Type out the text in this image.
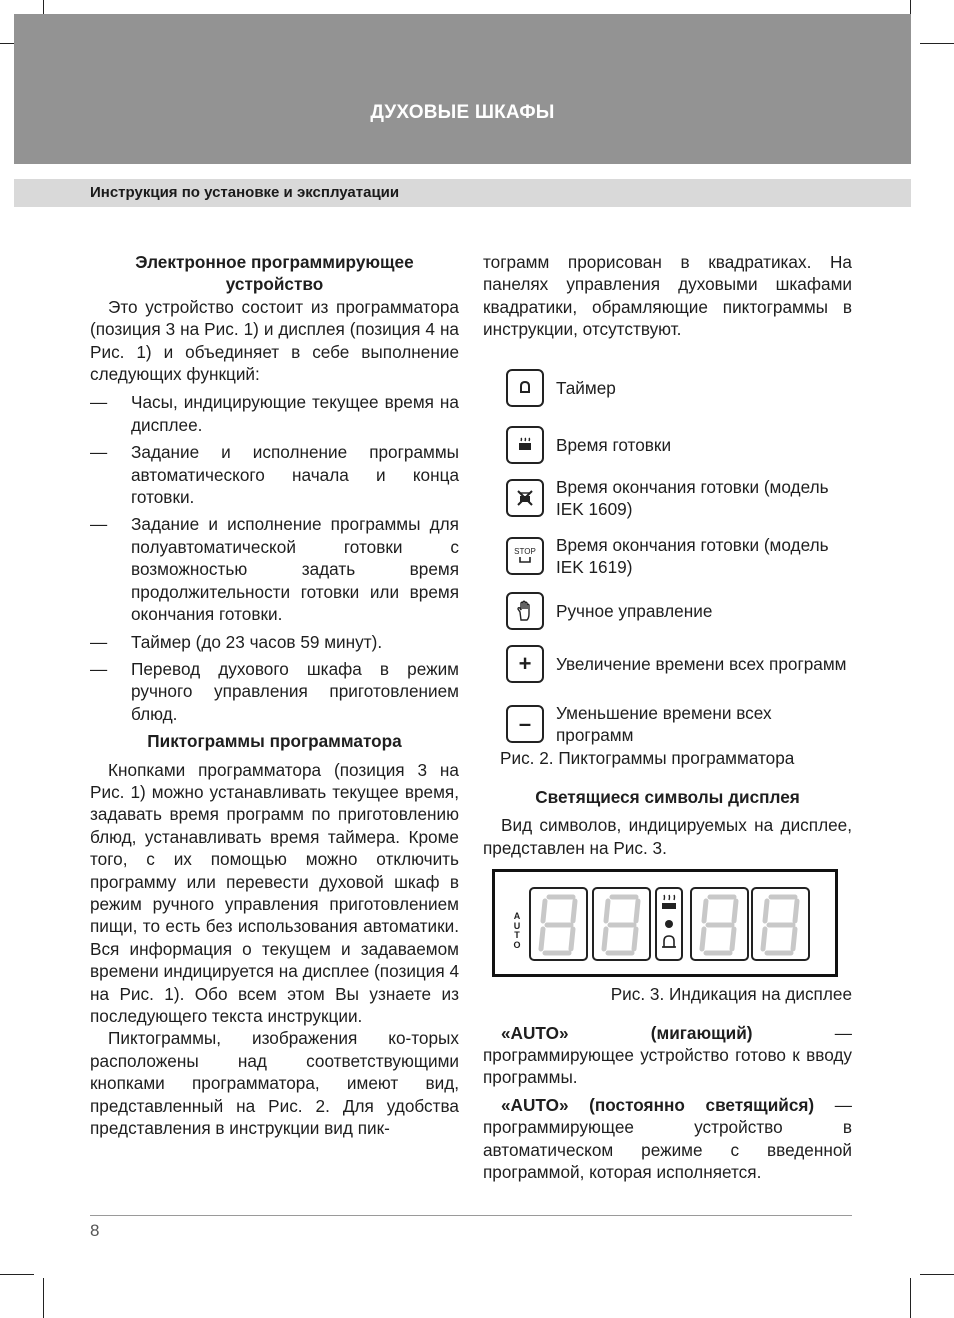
ДУХОВЫЕ ШКАФЫ
Инструкция по установке и эксплуатации

Электронное программирующее устройство

Это устройство состоит из программатора (позиция 3 на Рис. 1) и дисплея (позиция 4 на Рис. 1) и объединяет в себе выполнение следующих функций:

— Часы, индицирующие текущее время на дисплее.
— Задание и исполнение программы автоматического начала и конца готовки.
— Задание и исполнение программы для полуавтоматической готовки с возможностью задать время продолжительности готовки или время окончания готовки.
— Таймер (до 23 часов 59 минут).
— Перевод духового шкафа в режим ручного управления приготовлением блюд.

Пиктограммы программатора

Кнопками программатора (позиция 3 на Рис. 1) можно устанавливать текущее время, задавать время программ по приготовлению блюд, устанавливать время таймера. Кроме того, с их помощью можно отключить программу или перевести духовой шкаф в режим ручного управления приготовлением пищи, то есть без использования автоматики. Вся информация о текущем и задаваемом времени индицируется на дисплее (позиция 4 на Рис. 1). Обо всем этом Вы узнаете из последующего текста инструкции.

Пиктограммы, изображения ко-торых расположены над соответствующими кнопками программатора, имеют вид, представленный на Рис. 2. Для удобства представления в инструкции вид пик-

тограмм прорисован в квадратиках. На панелях управления духовыми шкафами квадратики, обрамляющие пиктограммы в инструкции, отсутствуют.

Таймер
Время готовки
Время окончания готовки (модель IEK 1609)
STOP Время окончания готовки (модель IEK 1619)
Ручное управление
+ Увеличение времени всех программ
– Уменьшение времени всех программ

Рис. 2. Пиктограммы программатора

Светящиеся символы дисплея

Вид символов, индицируемых на дисплее, представлен на Рис. 3.

A
U
T
O

Рис. 3. Индикация на дисплее

«AUTO» (мигающий) — программирующее устройство готово к вводу программы.

«AUTO» (постоянно светящийся) — программирующее устройство в автоматическом режиме с введенной программой, которая исполняется.

8
